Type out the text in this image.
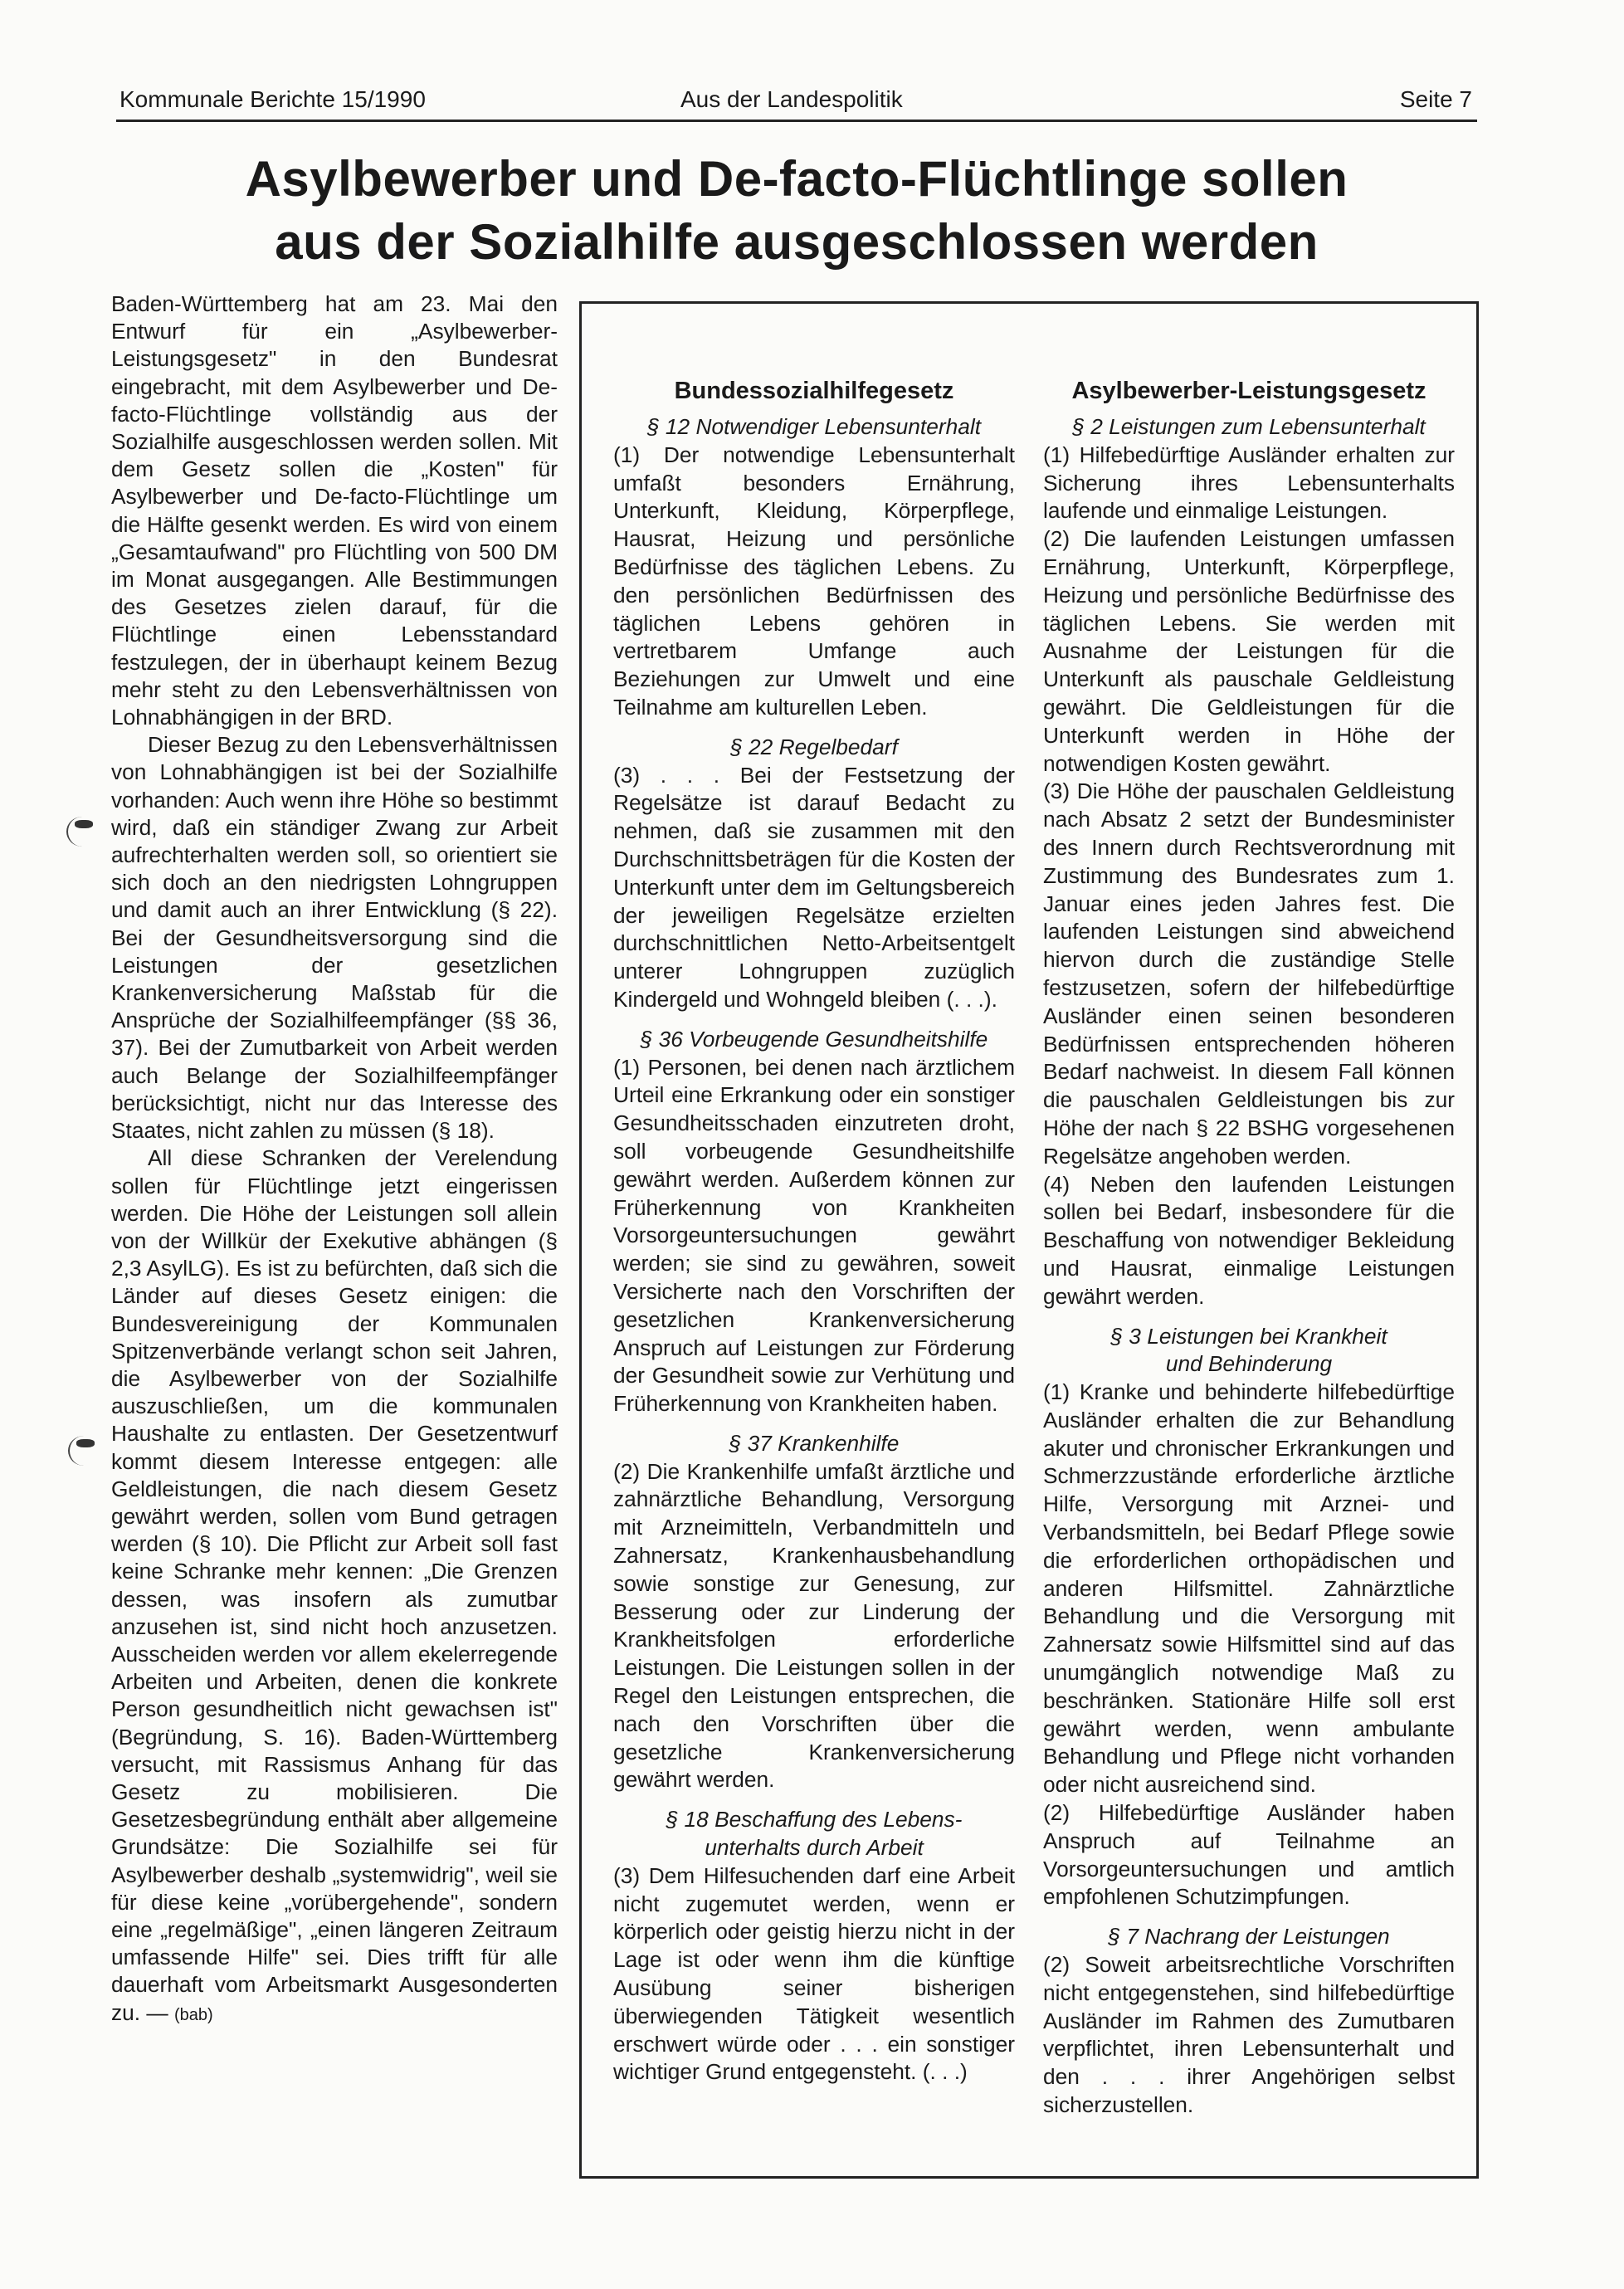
Kommunale Berichte 15/1990	Aus der Landespolitik	Seite 7
Asylbewerber und De-facto-Flüchtlinge sollen
aus der Sozialhilfe ausgeschlossen werden

Baden-Württemberg hat am 23. Mai den Entwurf für ein „Asylbewerber-Leistungsgesetz" in den Bundesrat eingebracht, mit dem Asylbewerber und De-facto-Flüchtlinge vollständig aus der Sozialhilfe ausgeschlossen werden sollen. Mit dem Gesetz sollen die „Kosten" für Asylbewerber und De-facto-Flüchtlinge um die Hälfte gesenkt werden. Es wird von einem „Gesamtaufwand" pro Flüchtling von 500 DM im Monat ausgegangen. Alle Bestimmungen des Gesetzes zielen darauf, für die Flüchtlinge einen Lebensstandard festzulegen, der in überhaupt keinem Bezug mehr steht zu den Lebensverhältnissen von Lohnabhängigen in der BRD.

Dieser Bezug zu den Lebensverhältnissen von Lohnabhängigen ist bei der Sozialhilfe vorhanden: Auch wenn ihre Höhe so bestimmt wird, daß ein ständiger Zwang zur Arbeit aufrechterhalten werden soll, so orientiert sie sich doch an den niedrigsten Lohngruppen und damit auch an ihrer Entwicklung (§ 22). Bei der Gesundheitsversorgung sind die Leistungen der gesetzlichen Krankenversicherung Maßstab für die Ansprüche der Sozialhilfeempfänger (§§ 36, 37). Bei der Zumutbarkeit von Arbeit werden auch Belange der Sozialhilfeempfänger berücksichtigt, nicht nur das Interesse des Staates, nicht zahlen zu müssen (§ 18).

All diese Schranken der Verelendung sollen für Flüchtlinge jetzt eingerissen werden. Die Höhe der Leistungen soll allein von der Willkür der Exekutive abhängen (§ 2,3 AsylLG). Es ist zu befürchten, daß sich die Länder auf dieses Gesetz einigen: die Bundesvereinigung der Kommunalen Spitzenverbände verlangt schon seit Jahren, die Asylbewerber von der Sozialhilfe auszuschließen, um die kommunalen Haushalte zu entlasten. Der Gesetzentwurf kommt diesem Interesse entgegen: alle Geldleistungen, die nach diesem Gesetz gewährt werden, sollen vom Bund getragen werden (§ 10). Die Pflicht zur Arbeit soll fast keine Schranke mehr kennen: „Die Grenzen dessen, was insofern als zumutbar anzusehen ist, sind nicht hoch anzusetzen. Ausscheiden werden vor allem ekelerregende Arbeiten und Arbeiten, denen die konkrete Person gesundheitlich nicht gewachsen ist" (Begründung, S. 16). Baden-Württemberg versucht, mit Rassismus Anhang für das Gesetz zu mobilisieren. Die Gesetzesbegründung enthält aber allgemeine Grundsätze: Die Sozialhilfe sei für Asylbewerber deshalb „systemwidrig", weil sie für diese keine „vorübergehende", sondern eine „regelmäßige", „einen längeren Zeitraum umfassende Hilfe" sei. Dies trifft für alle dauerhaft vom Arbeitsmarkt Ausgesonderten zu. — (bab)

Bundessozialhilfegesetz

§ 12 Notwendiger Lebensunterhalt

(1) Der notwendige Lebensunterhalt umfaßt besonders Ernährung, Unterkunft, Kleidung, Körperpflege, Hausrat, Heizung und persönliche Bedürfnisse des täglichen Lebens. Zu den persönlichen Bedürfnissen des täglichen Lebens gehören in vertretbarem Umfange auch Beziehungen zur Umwelt und eine Teilnahme am kulturellen Leben.

§ 22 Regelbedarf

(3) . . . Bei der Festsetzung der Regelsätze ist darauf Bedacht zu nehmen, daß sie zusammen mit den Durchschnittsbeträgen für die Kosten der Unterkunft unter dem im Geltungsbereich der jeweiligen Regelsätze erzielten durchschnittlichen Netto-Arbeitsentgelt unterer Lohngruppen zuzüglich Kindergeld und Wohngeld bleiben (. . .).

§ 36 Vorbeugende Gesundheitshilfe

(1) Personen, bei denen nach ärztlichem Urteil eine Erkrankung oder ein sonstiger Gesundheitsschaden einzutreten droht, soll vorbeugende Gesundheitshilfe gewährt werden. Außerdem können zur Früherkennung von Krankheiten Vorsorgeuntersuchungen gewährt werden; sie sind zu gewähren, soweit Versicherte nach den Vorschriften der gesetzlichen Krankenversicherung Anspruch auf Leistungen zur Förderung der Gesundheit sowie zur Verhütung und Früherkennung von Krankheiten haben.

§ 37 Krankenhilfe

(2) Die Krankenhilfe umfaßt ärztliche und zahnärztliche Behandlung, Versorgung mit Arzneimitteln, Verbandmitteln und Zahnersatz, Krankenhausbehandlung sowie sonstige zur Genesung, zur Besserung oder zur Linderung der Krankheitsfolgen erforderliche Leistungen. Die Leistungen sollen in der Regel den Leistungen entsprechen, die nach den Vorschriften über die gesetzliche Krankenversicherung gewährt werden.

§ 18 Beschaffung des Lebens-
unterhalts durch Arbeit

(3) Dem Hilfesuchenden darf eine Arbeit nicht zugemutet werden, wenn er körperlich oder geistig hierzu nicht in der Lage ist oder wenn ihm die künftige Ausübung seiner bisherigen überwiegenden Tätigkeit wesentlich erschwert würde oder . . . ein sonstiger wichtiger Grund entgegensteht. (. . .)

Asylbewerber-Leistungsgesetz

§ 2 Leistungen zum Lebensunterhalt

(1) Hilfebedürftige Ausländer erhalten zur Sicherung ihres Lebensunterhalts laufende und einmalige Leistungen.

(2) Die laufenden Leistungen umfassen Ernährung, Unterkunft, Körperpflege, Heizung und persönliche Bedürfnisse des täglichen Lebens. Sie werden mit Ausnahme der Leistungen für die Unterkunft als pauschale Geldleistung gewährt. Die Geldleistungen für die Unterkunft werden in Höhe der notwendigen Kosten gewährt.

(3) Die Höhe der pauschalen Geldleistung nach Absatz 2 setzt der Bundesminister des Innern durch Rechtsverordnung mit Zustimmung des Bundesrates zum 1. Januar eines jeden Jahres fest. Die laufenden Leistungen sind abweichend hiervon durch die zuständige Stelle festzusetzen, sofern der hilfebedürftige Ausländer einen seinen besonderen Bedürfnissen entsprechenden höheren Bedarf nachweist. In diesem Fall können die pauschalen Geldleistungen bis zur Höhe der nach § 22 BSHG vorgesehenen Regelsätze angehoben werden.

(4) Neben den laufenden Leistungen sollen bei Bedarf, insbesondere für die Beschaffung von notwendiger Bekleidung und Hausrat, einmalige Leistungen gewährt werden.

§ 3 Leistungen bei Krankheit
und Behinderung

(1) Kranke und behinderte hilfebedürftige Ausländer erhalten die zur Behandlung akuter und chronischer Erkrankungen und Schmerzzustände erforderliche ärztliche Hilfe, Versorgung mit Arznei- und Verbandsmitteln, bei Bedarf Pflege sowie die erforderlichen orthopädischen und anderen Hilfsmittel. Zahnärztliche Behandlung und die Versorgung mit Zahnersatz sowie Hilfsmittel sind auf das unumgänglich notwendige Maß zu beschränken. Stationäre Hilfe soll erst gewährt werden, wenn ambulante Behandlung und Pflege nicht vorhanden oder nicht ausreichend sind.

(2) Hilfebedürftige Ausländer haben Anspruch auf Teilnahme an Vorsorgeuntersuchungen und amtlich empfohlenen Schutzimpfungen.

§ 7 Nachrang der Leistungen

(2) Soweit arbeitsrechtliche Vorschriften nicht entgegenstehen, sind hilfebedürftige Ausländer im Rahmen des Zumutbaren verpflichtet, ihren Lebensunterhalt und den . . . ihrer Angehörigen selbst sicherzustellen.
